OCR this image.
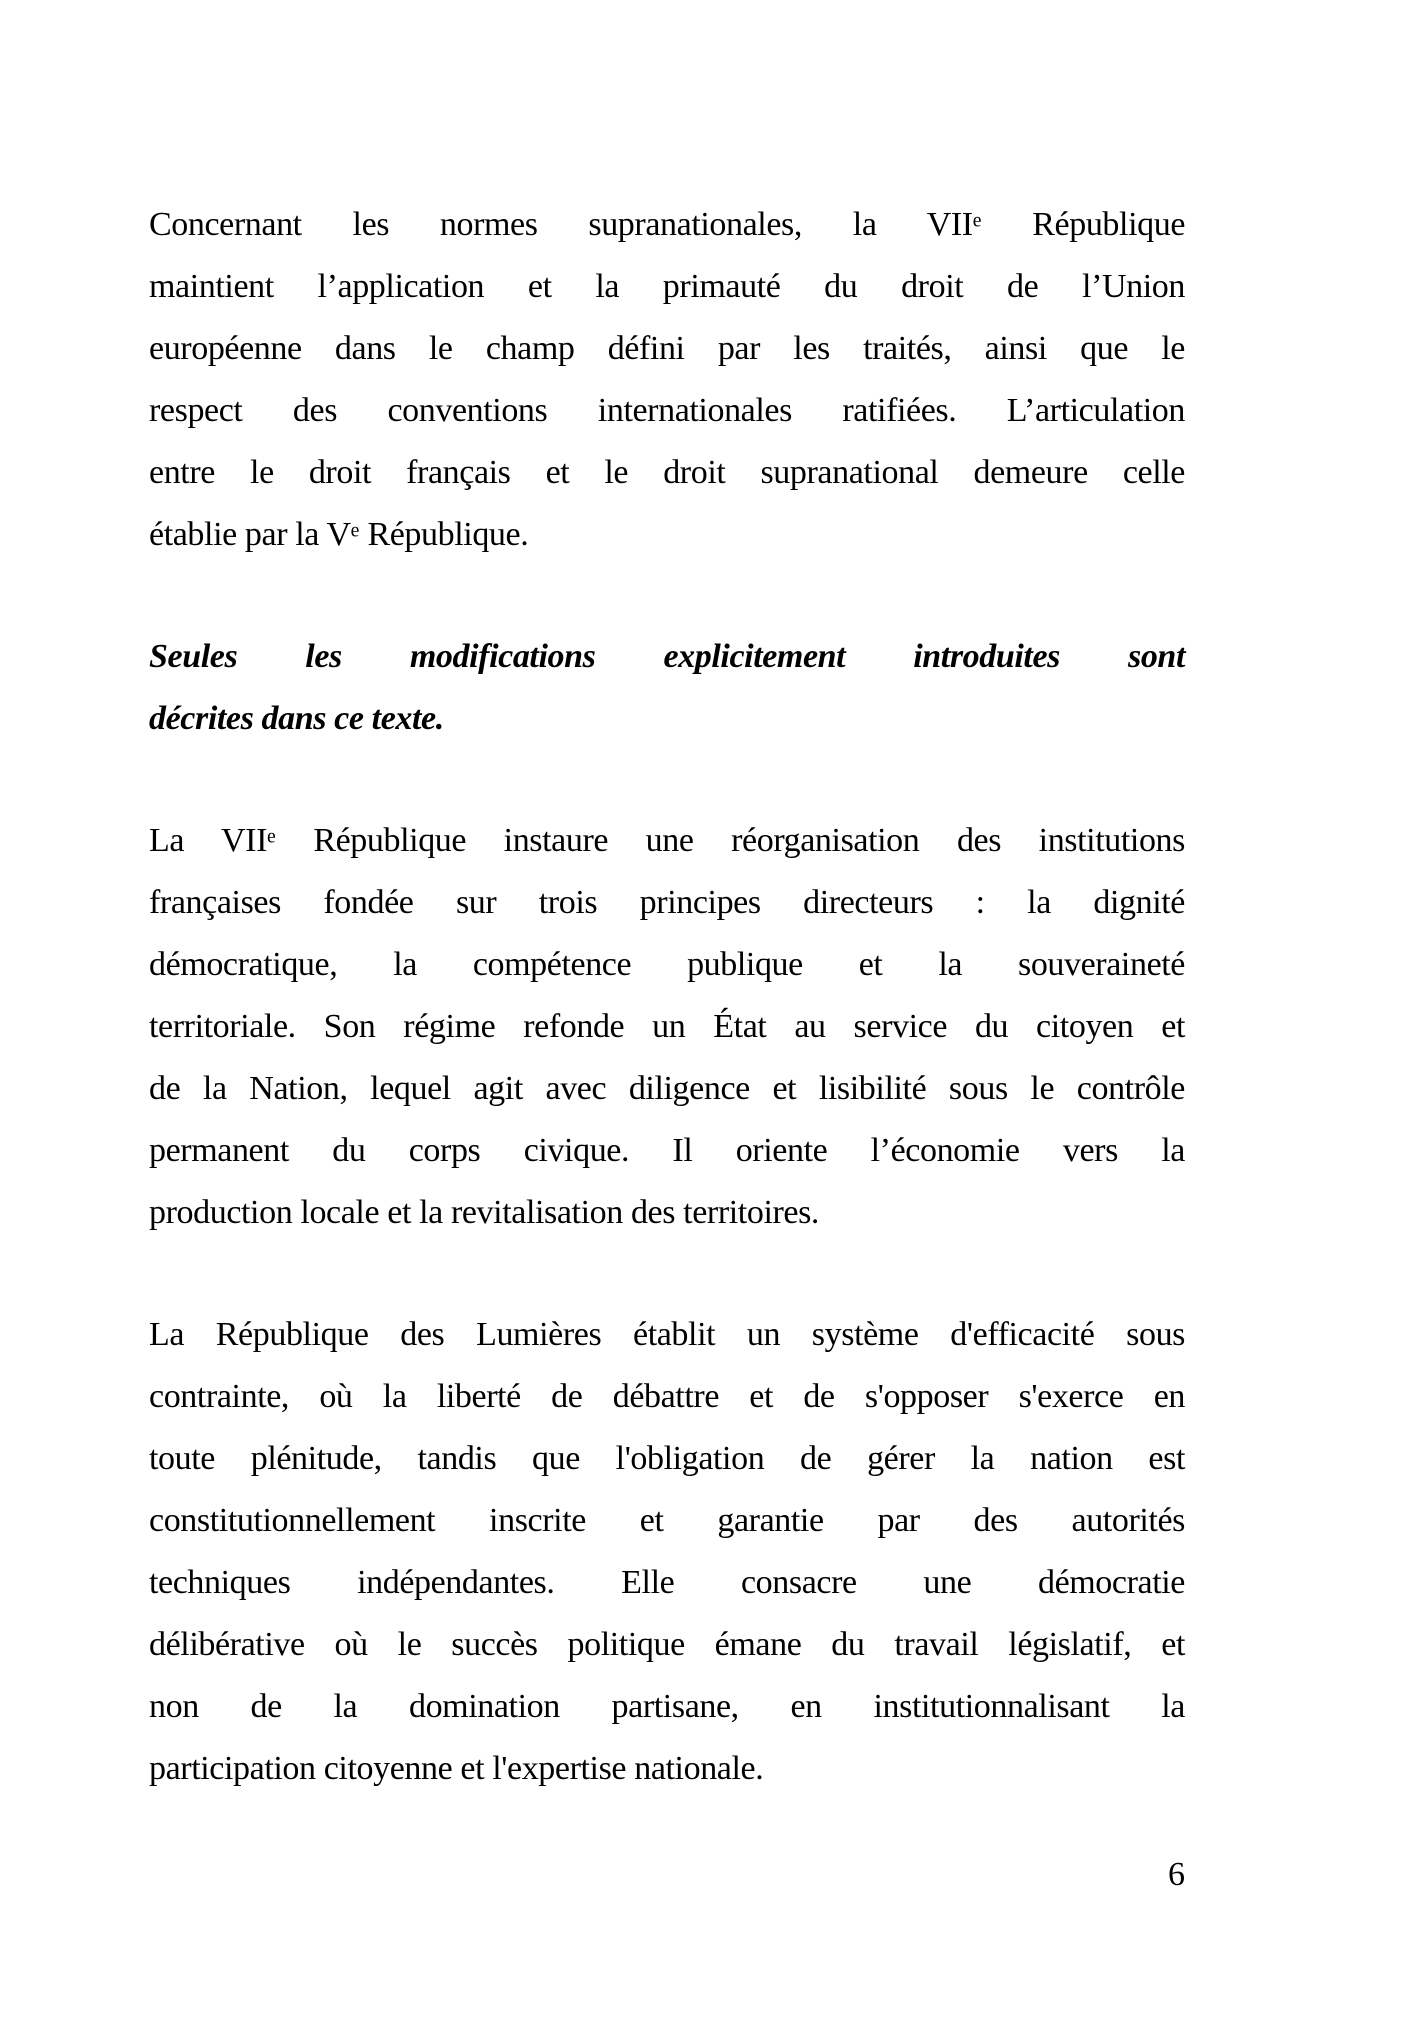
Concernant les normes supranationales, la VIIe République
maintient l’application et la primauté du droit de l’Union
européenne dans le champ défini par les traités, ainsi que le
respect des conventions internationales ratifiées. L’articulation
entre le droit français et le droit supranational demeure celle
établie par la Ve République.

Seules les modifications explicitement introduites sont
décrites dans ce texte.

La VIIe République instaure une réorganisation des institutions
françaises fondée sur trois principes directeurs : la dignité
démocratique, la compétence publique et la souveraineté
territoriale. Son régime refonde un État au service du citoyen et
de la Nation, lequel agit avec diligence et lisibilité sous le contrôle
permanent du corps civique. Il oriente l’économie vers la
production locale et la revitalisation des territoires.

La République des Lumières établit un système d'efficacité sous
contrainte, où la liberté de débattre et de s'opposer s'exerce en
toute plénitude, tandis que l'obligation de gérer la nation est
constitutionnellement inscrite et garantie par des autorités
techniques indépendantes. Elle consacre une démocratie
délibérative où le succès politique émane du travail législatif, et
non de la domination partisane, en institutionnalisant la
participation citoyenne et l'expertise nationale.

6
